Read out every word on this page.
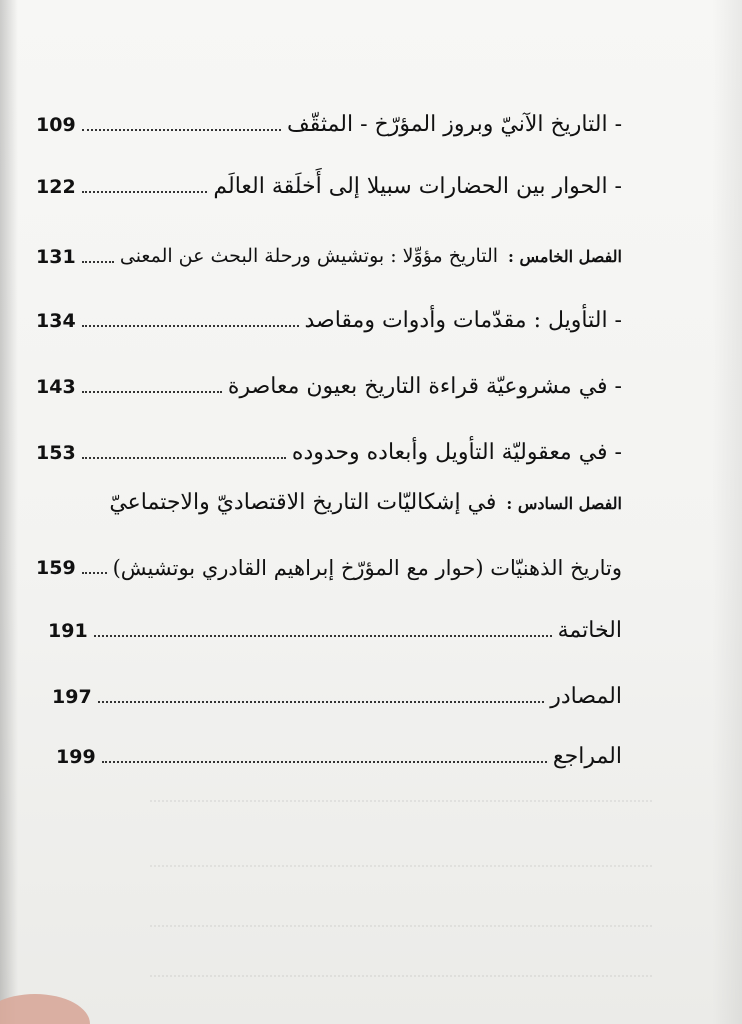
- التاريخ الآنيّ وبروز المؤرّخ - المثقّف
109
- الحوار بين الحضارات سبيلا إلى أَخلَقة العالَم
122
الفصل الخامس :التاريخ مؤوِّلا : بوتشيش ورحلة البحث عن المعنى
131
- التأويل : مقدّمات وأدوات ومقاصد
134
- في مشروعيّة قراءة التاريخ بعيون معاصرة
143
- في معقوليّة التأويل وأبعاده وحدوده
153
الفصل السادس :في إشكاليّات التاريخ الاقتصاديّ والاجتماعيّ
وتاريخ الذهنيّات (حوار مع المؤرّخ إبراهيم القادري بوتشيش)
159
الخاتمة
191
المصادر
197
المراجع
199
